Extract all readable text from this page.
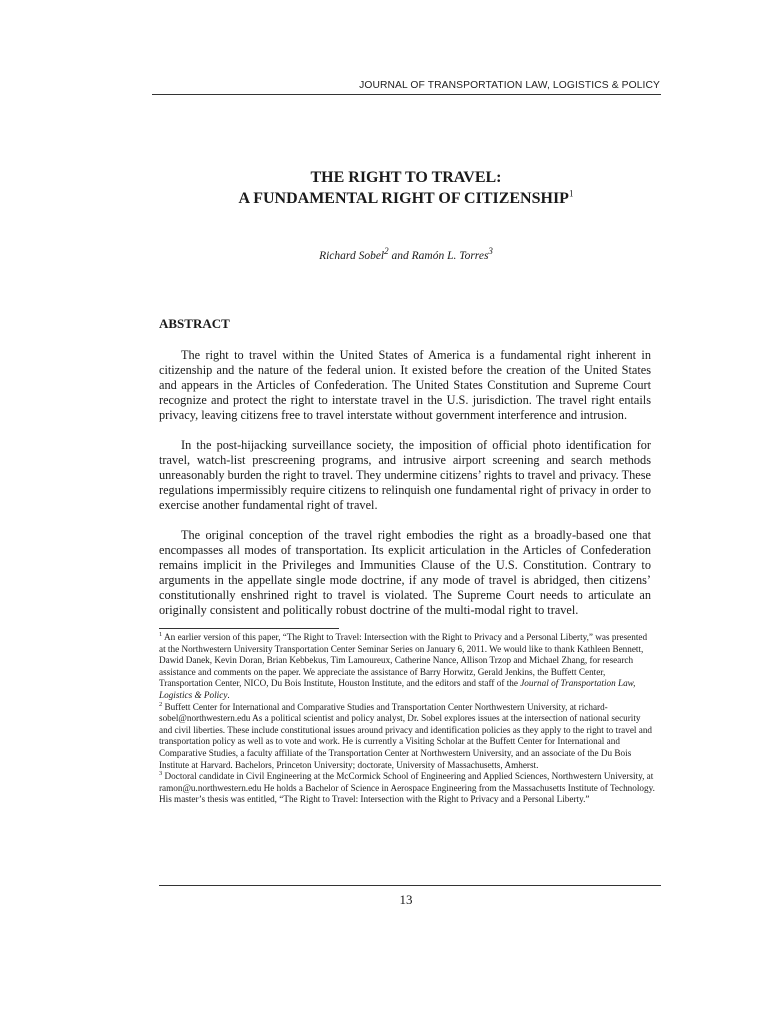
JOURNAL OF TRANSPORTATION LAW, LOGISTICS & POLICY
THE RIGHT TO TRAVEL:
A FUNDAMENTAL RIGHT OF CITIZENSHIP$^1$
Richard Sobel$^2$ and Ramón L. Torres$^3$
ABSTRACT

The right to travel within the United States of America is a fundamental right inherent in citizenship and the nature of the federal union. It existed before the creation of the United States and appears in the Articles of Confederation. The United States Constitution and Supreme Court recognize and protect the right to interstate travel in the U.S. jurisdiction. The travel right entails privacy, leaving citizens free to travel interstate without government interference and intrusion.

In the post-hijacking surveillance society, the imposition of official photo identification for travel, watch-list prescreening programs, and intrusive airport screening and search methods unreasonably burden the right to travel. They undermine citizens’ rights to travel and privacy. These regulations impermissibly require citizens to relinquish one fundamental right of privacy in order to exercise another fundamental right of travel.

The original conception of the travel right embodies the right as a broadly-based one that encompasses all modes of transportation. Its explicit articulation in the Articles of Confederation remains implicit in the Privileges and Immunities Clause of the U.S. Constitution. Contrary to arguments in the appellate single mode doctrine, if any mode of travel is abridged, then citizens’ constitutionally enshrined right to travel is violated. The Supreme Court needs to articulate an originally consistent and politically robust doctrine of the multi-modal right to travel.

$^1$ An earlier version of this paper, “The Right to Travel: Intersection with the Right to Privacy and a Personal Liberty,” was presented at the Northwestern University Transportation Center Seminar Series on January 6, 2011. We would like to thank Kathleen Bennett, Dawid Danek, Kevin Doran, Brian Kebbekus, Tim Lamoureux, Catherine Nance, Allison Trzop and Michael Zhang, for research assistance and comments on the paper. We appreciate the assistance of Barry Horwitz, Gerald Jenkins, the Buffett Center, Transportation Center, NICO, Du Bois Institute, Houston Institute, and the editors and staff of the Journal of Transportation Law, Logistics & Policy.

$^2$ Buffett Center for International and Comparative Studies and Transportation Center Northwestern University, at richard-sobel@northwestern.edu As a political scientist and policy analyst, Dr. Sobel explores issues at the intersection of national security and civil liberties. These include constitutional issues around privacy and identification policies as they apply to the right to travel and transportation policy as well as to vote and work. He is currently a Visiting Scholar at the Buffett Center for International and Comparative Studies, a faculty affiliate of the Transportation Center at Northwestern University, and an associate of the Du Bois Institute at Harvard. Bachelors, Princeton University; doctorate, University of Massachusetts, Amherst.

$^3$ Doctoral candidate in Civil Engineering at the McCormick School of Engineering and Applied Sciences, Northwestern University, at ramon@u.northwestern.edu He holds a Bachelor of Science in Aerospace Engineering from the Massachusetts Institute of Technology. His master’s thesis was entitled, “The Right to Travel: Intersection with the Right to Privacy and a Personal Liberty.”

13
